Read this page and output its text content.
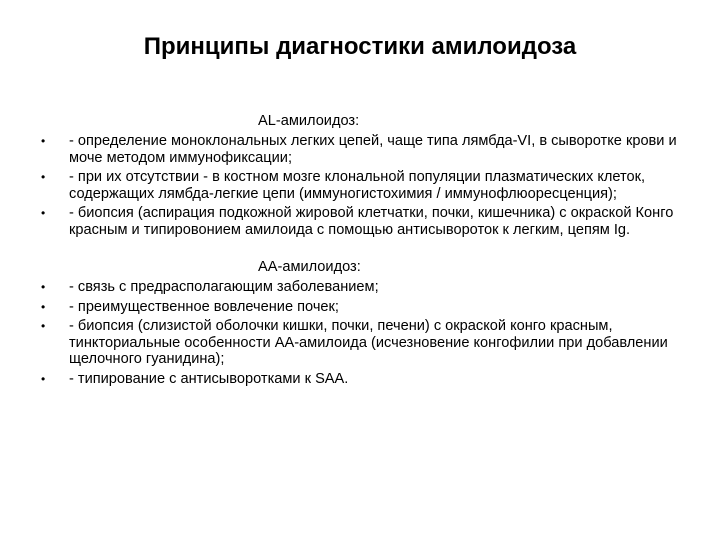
Принципы диагностики амилоидоза
AL-амилоидоз:
• - определение моноклональных легких цепей, чаще типа лямбда-VI, в сыворотке крови и моче методом иммунофиксации;
• - при их отсутствии - в костном мозге клональной популяции плазматических клеток, содержащих лямбда-легкие цепи (иммуногистохимия / иммунофлюоресценция);
• - биопсия (аспирация подкожной жировой клетчатки, почки, кишечника) с окраской Конго красным и типировонием амилоида с помощью антисывороток к легким, цепям Ig.
АА-амилоидоз:
• - связь с предрасполагающим заболеванием;
• - преимущественное вовлечение почек;
• - биопсия (слизистой оболочки кишки, почки, печени) с окраской конго красным, тинкториальные особенности АА-амилоида (исчезновение конгофилии при добавлении щелочного гуанидина);
• - типирование с антисыворотками к SAA.
